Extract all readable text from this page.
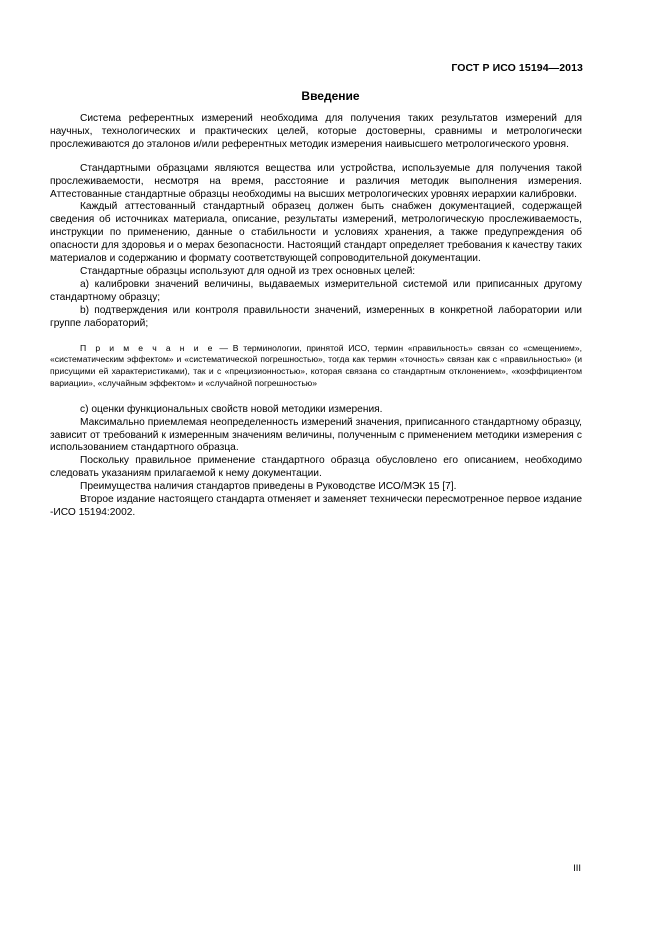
ГОСТ Р ИСО 15194—2013
Введение

Система референтных измерений необходима для получения таких результатов измерений для научных, технологических и практических целей, которые достоверны, сравнимы и метрологически прослеживаются до эталонов и/или референтных методик измерения наивысшего метрологического уровня.

Стандартными образцами являются вещества или устройства, используемые для получения такой прослеживаемости, несмотря на время, расстояние и различия методик выполнения измерения. Аттестованные стандартные образцы необходимы на высших метрологических уровнях иерархии калибровки.

Каждый аттестованный стандартный образец должен быть снабжен документацией, содержащей сведения об источниках материала, описание, результаты измерений, метрологическую прослеживаемость, инструкции по применению, данные о стабильности и условиях хранения, а также предупреждения об опасности для здоровья и о мерах безопасности. Настоящий стандарт определяет требования к качеству таких материалов и содержанию и формату соответствующей сопроводительной документации.

Стандартные образцы используют для одной из трех основных целей:

a) калибровки значений величины, выдаваемых измерительной системой или приписанных другому стандартному образцу;

b) подтверждения или контроля правильности значений, измеренных в конкретной лаборатории или группе лабораторий;

П р и м е ч а н и е — В терминологии, принятой ИСО, термин «правильность» связан со «смещением», «систематическим эффектом» и «систематической погрешностью», тогда как термин «точность» связан как с «правильностью» (и присущими ей характеристиками), так и с «прецизионностью», которая связана со стандартным отклонением», «коэффициентом вариации», «случайным эффектом» и «случайной погрешностью»

c) оценки функциональных свойств новой методики измерения.

Максимально приемлемая неопределенность измерений значения, приписанного стандартному образцу, зависит от требований к измеренным значениям величины, полученным с применением методики измерения с использованием стандартного образца.

Поскольку правильное применение стандартного образца обусловлено его описанием, необходимо следовать указаниям прилагаемой к нему документации.

Преимущества наличия стандартов приведены в Руководстве ИСО/МЭК 15 [7].

Второе издание настоящего стандарта отменяет и заменяет технически пересмотренное первое издание -ИСО 15194:2002.

III
